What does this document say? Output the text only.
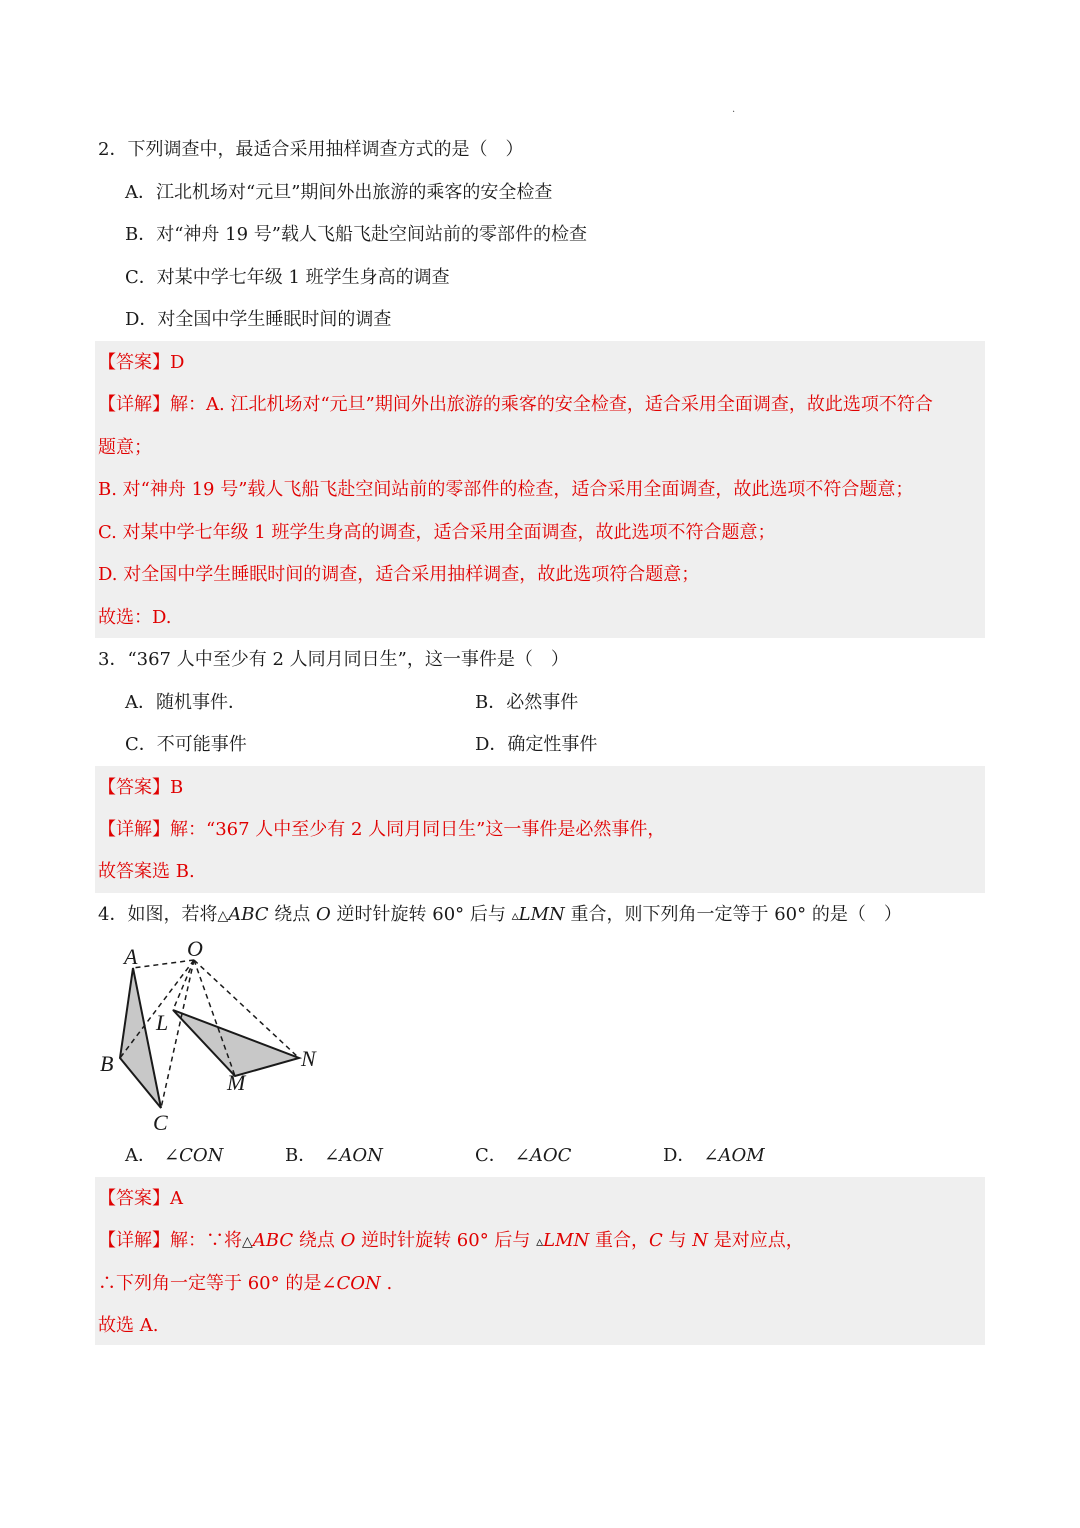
.
2．下列调查中，最适合采用抽样调查方式的是（　）
A．江北机场对“元旦”期间外出旅游的乘客的安全检查
B．对“神舟 19 号”载人飞船飞赴空间站前的零部件的检查
C．对某中学七年级 1 班学生身高的调查
D．对全国中学生睡眠时间的调查
【答案】D
【详解】解：A. 江北机场对“元旦”期间外出旅游的乘客的安全检查，适合采用全面调查，故此选项不符合
题意；
B. 对“神舟 19 号”载人飞船飞赴空间站前的零部件的检查，适合采用全面调查，故此选项不符合题意；
C. 对某中学七年级 1 班学生身高的调查，适合采用全面调查，故此选项不符合题意；
D. 对全国中学生睡眠时间的调查，适合采用抽样调查，故此选项符合题意；
故选：D.
3．“367 人中至少有 2 人同月同日生”，这一事件是（　）
A．随机事件．	B．必然事件
C．不可能事件	D．确定性事件
【答案】B
【详解】解：“367 人中至少有 2 人同月同日生”这一事件是必然事件，
故答案选 B.
4．如图，若将△ABC 绕点 O 逆时针旋转 60° 后与 ▵LMN 重合，则下列角一定等于 60° 的是（　）
A O
L
B
M
N
C
A． ∠CON	B． ∠AON	C． ∠AOC	D． ∠AOM
【答案】A
【详解】解：∵将△ABC 绕点 O 逆时针旋转 60° 后与 ▵LMN 重合，C 与 N 是对应点，
∴下列角一定等于 60° 的是∠CON .
故选 A.
